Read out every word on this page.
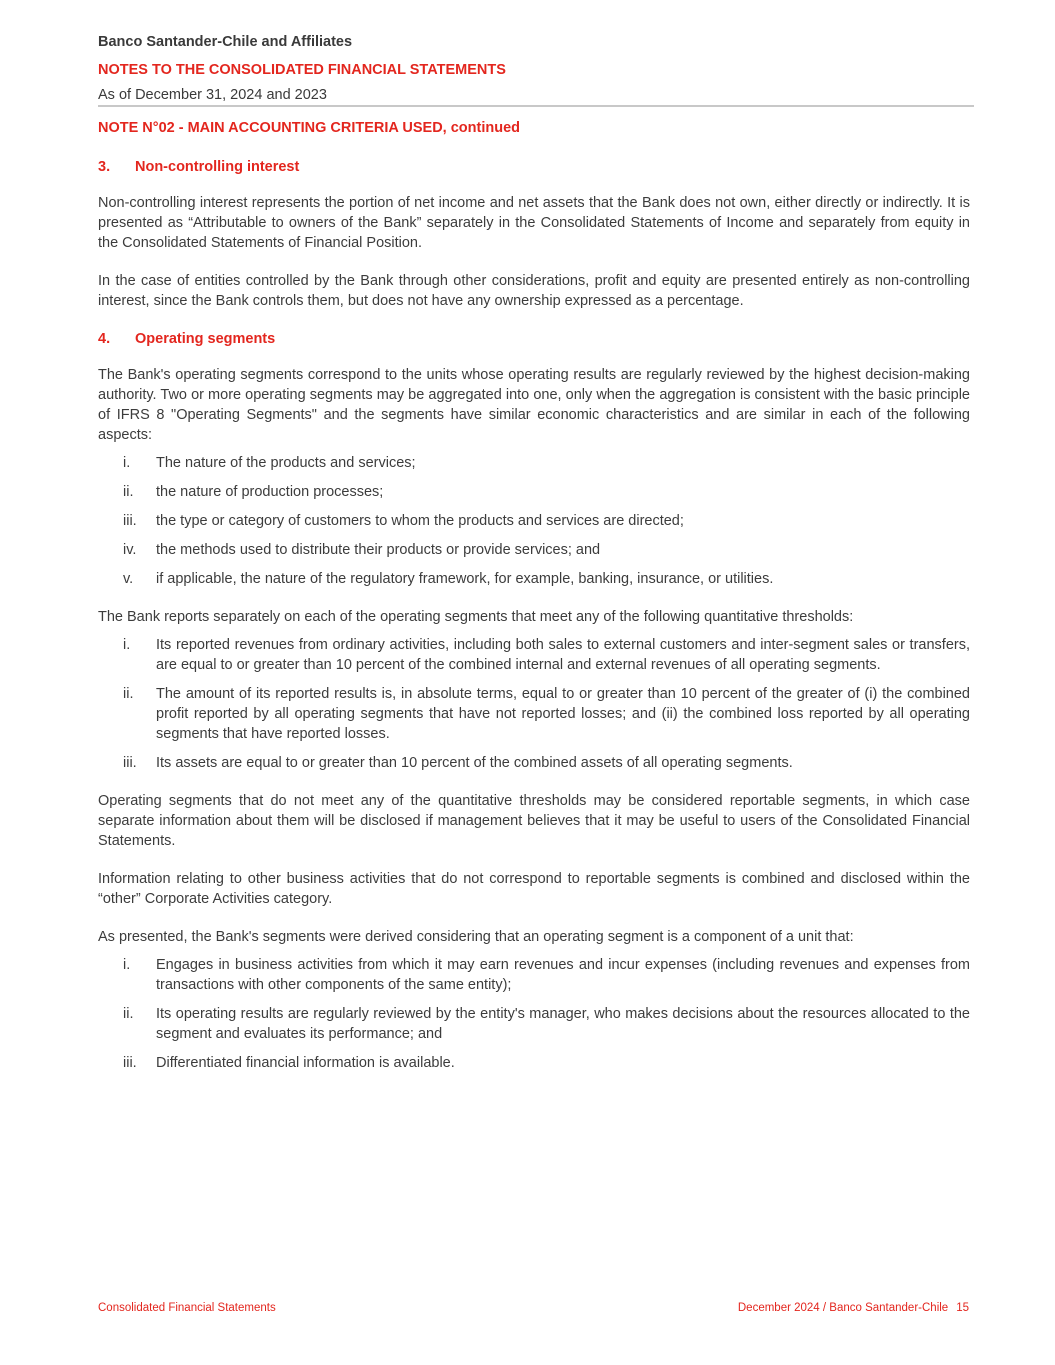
Banco Santander-Chile and Affiliates
NOTES TO THE CONSOLIDATED FINANCIAL STATEMENTS
As of December 31, 2024 and 2023
NOTE N°02 - MAIN ACCOUNTING CRITERIA USED, continued
3.	Non-controlling interest

Non-controlling interest represents the portion of net income and net assets that the Bank does not own, either directly or indirectly. It is presented as “Attributable to owners of the Bank” separately in the Consolidated Statements of Income and separately from equity in the Consolidated Statements of Financial Position.

In the case of entities controlled by the Bank through other considerations, profit and equity are presented entirely as non-controlling interest, since the Bank controls them, but does not have any ownership expressed as a percentage.

4.	Operating segments

The Bank's operating segments correspond to the units whose operating results are regularly reviewed by the highest decision-making authority. Two or more operating segments may be aggregated into one, only when the aggregation is consistent with the basic principle of IFRS 8 "Operating Segments" and the segments have similar economic characteristics and are similar in each of the following aspects:

i.	The nature of the products and services;
ii.	the nature of production processes;
iii.	the type or category of customers to whom the products and services are directed;
iv.	the methods used to distribute their products or provide services; and
v.	if applicable, the nature of the regulatory framework, for example, banking, insurance, or utilities.

The Bank reports separately on each of the operating segments that meet any of the following quantitative thresholds:

i.	Its reported revenues from ordinary activities, including both sales to external customers and inter-segment sales or transfers, are equal to or greater than 10 percent of the combined internal and external revenues of all operating segments.
ii.	The amount of its reported results is, in absolute terms, equal to or greater than 10 percent of the greater of (i) the combined profit reported by all operating segments that have not reported losses; and (ii) the combined loss reported by all operating segments that have reported losses.
iii.	Its assets are equal to or greater than 10 percent of the combined assets of all operating segments.

Operating segments that do not meet any of the quantitative thresholds may be considered reportable segments, in which case separate information about them will be disclosed if management believes that it may be useful to users of the Consolidated Financial Statements.

Information relating to other business activities that do not correspond to reportable segments is combined and disclosed within the “other” Corporate Activities category.

As presented, the Bank's segments were derived considering that an operating segment is a component of a unit that:

i.	Engages in business activities from which it may earn revenues and incur expenses (including revenues and expenses from transactions with other components of the same entity);
ii.	Its operating results are regularly reviewed by the entity's manager, who makes decisions about the resources allocated to the segment and evaluates its performance; and
iii.	Differentiated financial information is available.
Consolidated Financial Statements	December 2024 / Banco Santander-Chile 15
